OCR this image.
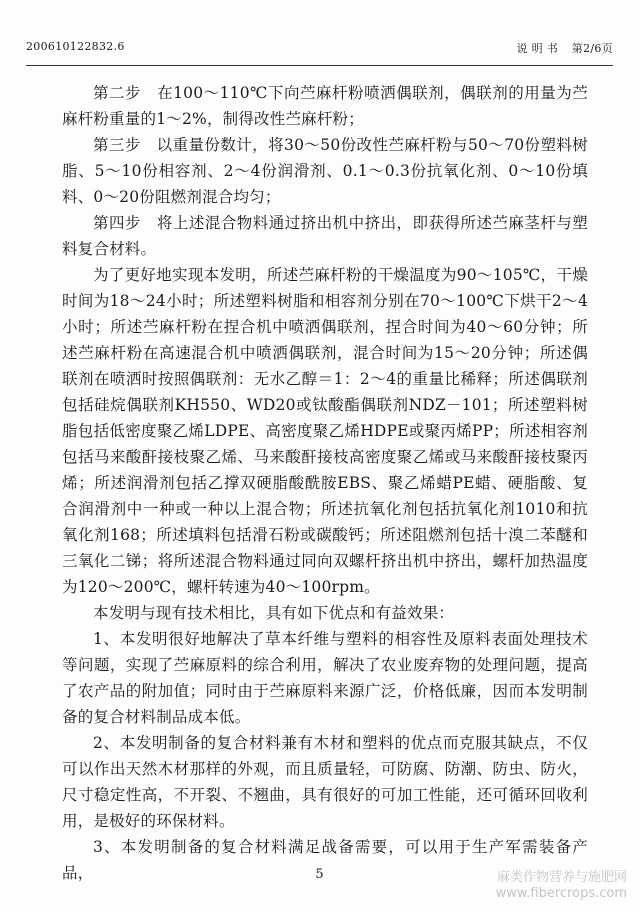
200610122832.6	说 明 书 第2/6页

第二步　在100～110℃下向苎麻杆粉喷洒偶联剂，偶联剂的用量为苎麻杆粉重量的1～2%，制得改性苎麻杆粉；

第三步　以重量份数计，将30～50份改性苎麻杆粉与50～70份塑料树脂、5～10份相容剂、2～4份润滑剂、0.1～0.3份抗氧化剂、0～10份填料、0～20份阻燃剂混合均匀；

第四步　将上述混合物料通过挤出机中挤出，即获得所述苎麻茎杆与塑料复合材料。

为了更好地实现本发明，所述苎麻杆粉的干燥温度为90～105℃，干燥时间为18～24小时；所述塑料树脂和相容剂分别在70～100℃下烘干2～4小时；所述苎麻杆粉在捏合机中喷洒偶联剂，捏合时间为40～60分钟；所述苎麻杆粉在高速混合机中喷洒偶联剂，混合时间为15～20分钟；所述偶联剂在喷洒时按照偶联剂：无水乙醇＝1：2～4的重量比稀释；所述偶联剂包括硅烷偶联剂KH550、WD20或钛酸酯偶联剂NDZ－101；所述塑料树脂包括低密度聚乙烯LDPE、高密度聚乙烯HDPE或聚丙烯PP；所述相容剂包括马来酸酐接枝聚乙烯、马来酸酐接枝高密度聚乙烯或马来酸酐接枝聚丙烯；所述润滑剂包括乙撑双硬脂酸酰胺EBS、聚乙烯蜡PE蜡、硬脂酸、复合润滑剂中一种或一种以上混合物；所述抗氧化剂包括抗氧化剂1010和抗氧化剂168；所述填料包括滑石粉或碳酸钙；所述阻燃剂包括十溴二苯醚和三氧化二锑；将所述混合物料通过同向双螺杆挤出机中挤出，螺杆加热温度为120～200℃，螺杆转速为40～100rpm。

本发明与现有技术相比，具有如下优点和有益效果：

1、本发明很好地解决了草本纤维与塑料的相容性及原料表面处理技术等问题，实现了苎麻原料的综合利用，解决了农业废弃物的处理问题，提高了农产品的附加值；同时由于苎麻原料来源广泛，价格低廉，因而本发明制备的复合材料制品成本低。

2、本发明制备的复合材料兼有木材和塑料的优点而克服其缺点，不仅可以作出天然木材那样的外观，而且质量轻，可防腐、防潮、防虫、防火，尺寸稳定性高，不开裂、不翘曲，具有很好的可加工性能，还可循环回收利用，是极好的环保材料。

3、本发明制备的复合材料满足战备需要，可以用于生产军需装备产品，	5	麻类作物营养与施肥网
www.fibercrops.com
